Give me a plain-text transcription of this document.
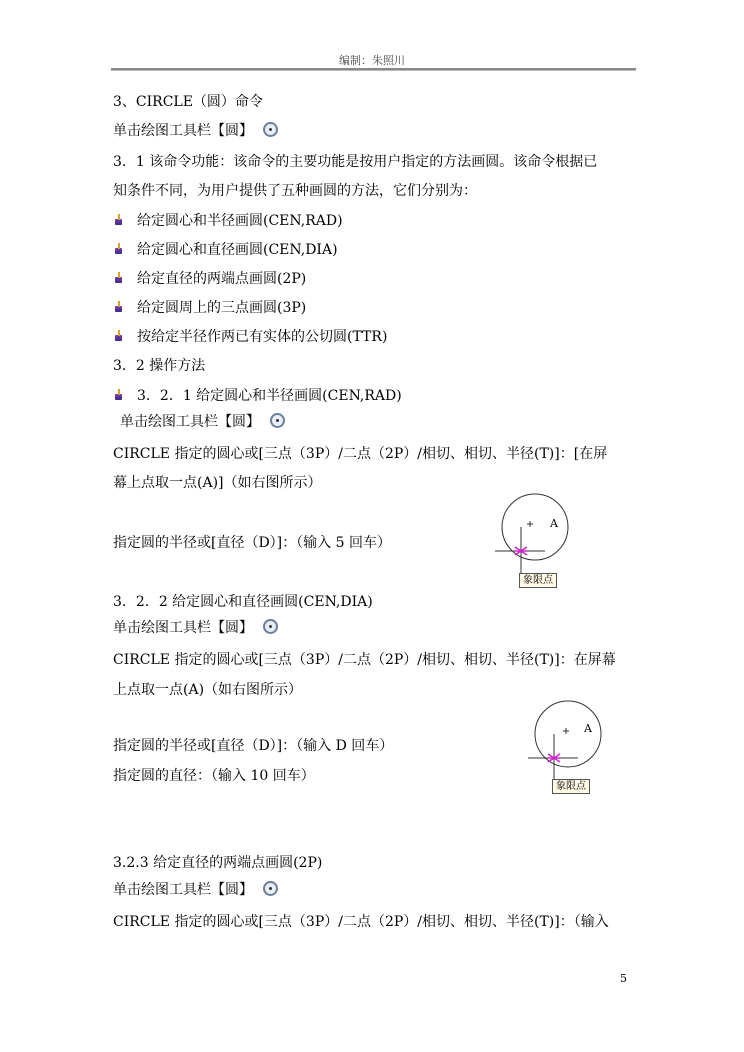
编制：朱照川
3、CIRCLE（圆）命令
单击绘图工具栏【圆】
3．1 该命令功能：该命令的主要功能是按用户指定的方法画圆。该命令根据已
知条件不同，为用户提供了五种画圆的方法，它们分别为：
给定圆心和半径画圆(CEN,RAD)
给定圆心和直径画圆(CEN,DIA)
给定直径的两端点画圆(2P)
给定圆周上的三点画圆(3P)
按给定半径作两已有实体的公切圆(TTR)
3．2 操作方法
3．2．1 给定圆心和半径画圆(CEN,RAD)
单击绘图工具栏【圆】
CIRCLE 指定的圆心或[三点（3P）/二点（2P）/相切、相切、半径(T)]：[在屏
幕上点取一点(A)]（如右图所示）
指定圆的半径或[直径（D）]：（输入 5 回车）
A
象限点
3．2．2 给定圆心和直径画圆(CEN,DIA)
单击绘图工具栏【圆】
CIRCLE 指定的圆心或[三点（3P）/二点（2P）/相切、相切、半径(T)]：在屏幕
上点取一点(A)（如右图所示）
指定圆的半径或[直径（D）]：（输入 D 回车）
指定圆的直径：（输入 10 回车）
A
象限点
3.2.3 给定直径的两端点画圆(2P)
单击绘图工具栏【圆】
CIRCLE 指定的圆心或[三点（3P）/二点（2P）/相切、相切、半径(T)]：（输入
5
